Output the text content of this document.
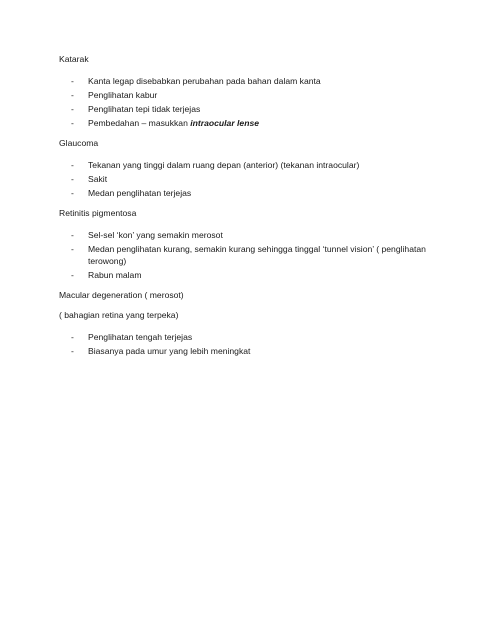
Katarak
- Kanta legap disebabkan perubahan pada bahan dalam kanta
- Penglihatan kabur
- Penglihatan tepi tidak terjejas
- Pembedahan – masukkan intraocular lense
Glaucoma
- Tekanan yang tinggi dalam ruang depan (anterior) (tekanan intraocular)
- Sakit
- Medan penglihatan terjejas
Retinitis pigmentosa
- Sel-sel ‘kon’ yang semakin merosot
- Medan penglihatan kurang, semakin kurang sehingga tinggal ‘tunnel vision’ ( penglihatan terowong)
- Rabun malam
Macular degeneration ( merosot)
( bahagian retina yang terpeka)
- Penglihatan tengah terjejas
- Biasanya pada umur yang lebih meningkat
